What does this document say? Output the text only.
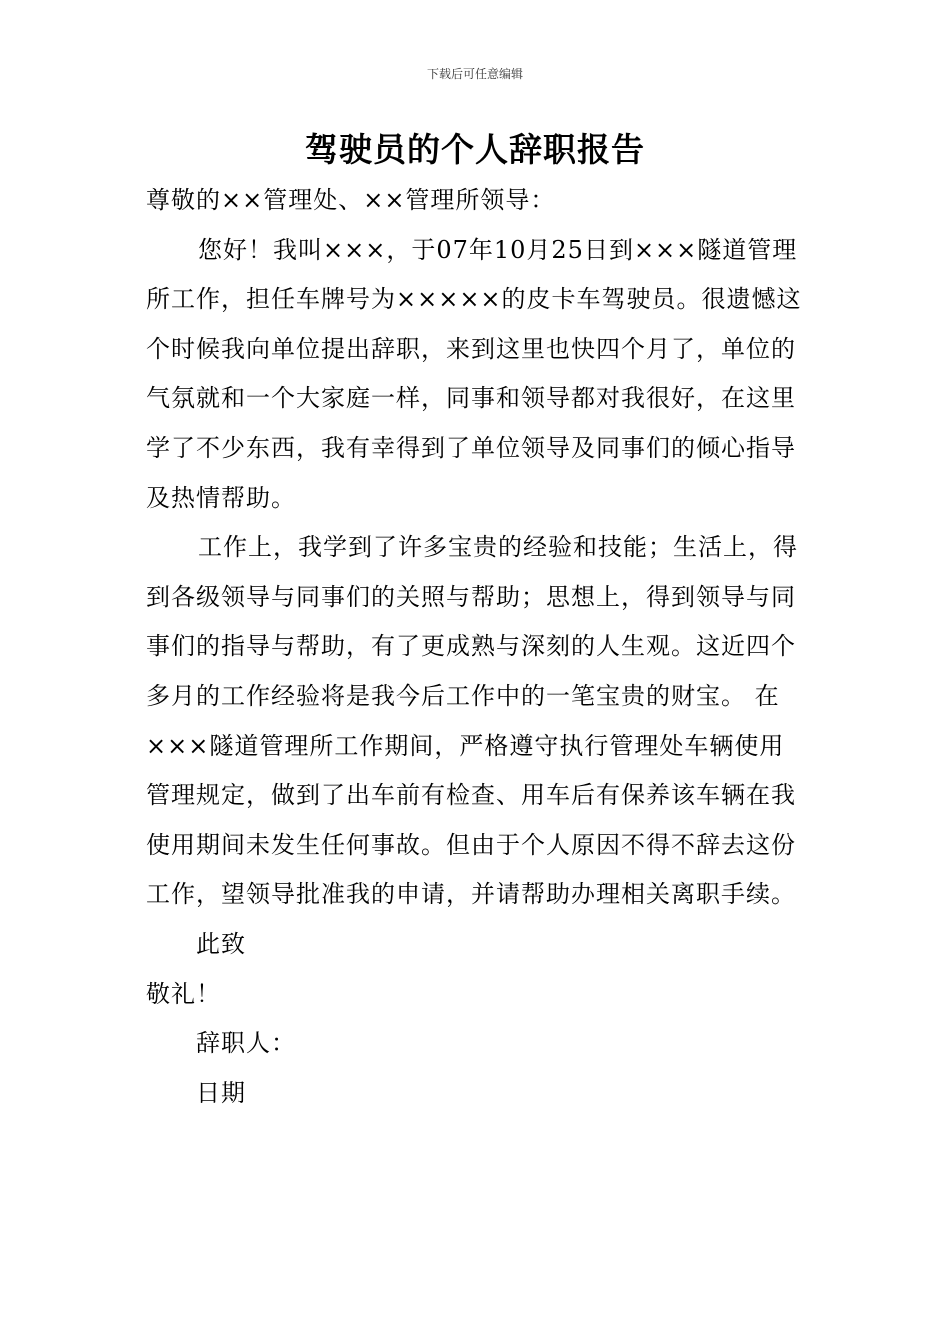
下载后可任意编辑
驾驶员的个人辞职报告

尊敬的××管理处、××管理所领导：

您好！我叫×××，于07年10月25日到×××隧道管理所工作，担任车牌号为×××××的皮卡车驾驶员。很遗憾这个时候我向单位提出辞职，来到这里也快四个月了，单位的气氛就和一个大家庭一样，同事和领导都对我很好，在这里学了不少东西，我有幸得到了单位领导及同事们的倾心指导及热情帮助。

工作上，我学到了许多宝贵的经验和技能；生活上，得到各级领导与同事们的关照与帮助；思想上，得到领导与同事们的指导与帮助，有了更成熟与深刻的人生观。这近四个多月的工作经验将是我今后工作中的一笔宝贵的财宝。 在×××隧道管理所工作期间，严格遵守执行管理处车辆使用管理规定，做到了出车前有检查、用车后有保养该车辆在我使用期间未发生任何事故。但由于个人原因不得不辞去这份工作，望领导批准我的申请，并请帮助办理相关离职手续。

此致

敬礼！

辞职人：

日期
